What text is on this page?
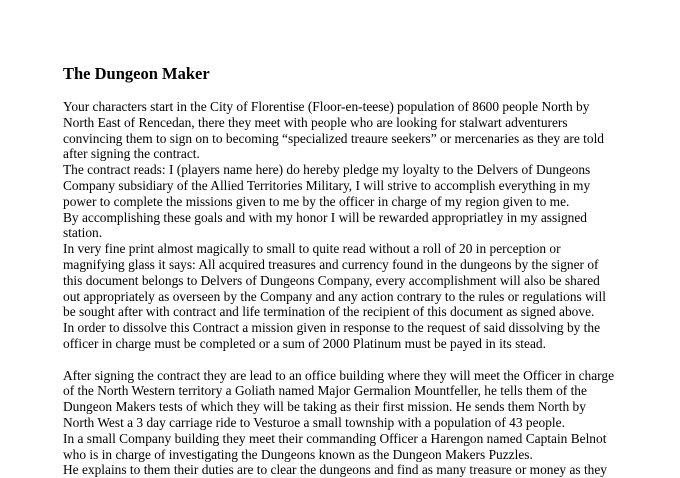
The Dungeon Maker
Your characters start in the City of Florentise (Floor-en-teese) population of 8600 people North by
North East of Rencedan, there they meet with people who are looking for stalwart adventurers
convincing them to sign on to becoming “specialized treaure seekers” or mercenaries as they are told
after signing the contract.
The contract reads: I (players name here) do hereby pledge my loyalty to the Delvers of Dungeons
Company subsidiary of the Allied Territories Military, I will strive to accomplish everything in my
power to complete the missions given to me by the officer in charge of my region given to me.
By accomplishing these goals and with my honor I will be rewarded appropriatley in my assigned
station.
In very fine print almost magically to small to quite read without a roll of 20 in perception or
magnifying glass it says: All acquired treasures and currency found in the dungeons by the signer of
this document belongs to Delvers of Dungeons Company, every accomplishment will also be shared
out appropriately as overseen by the Company and any action contrary to the rules or regulations will
be sought after with contract and life termination of the recipient of this document as signed above.
In order to dissolve this Contract a mission given in response to the request of said dissolving by the
officer in charge must be completed or a sum of 2000 Platinum must be payed in its stead.
After signing the contract they are lead to an office building where they will meet the Officer in charge
of the North Western territory a Goliath named Major Germalion Mountfeller, he tells them of the
Dungeon Makers tests of which they will be taking as their first mission. He sends them North by
North West a 3 day carriage ride to Vesturoe a small township with a population of 43 people.
In a small Company building they meet their commanding Officer a Harengon named Captain Belnot
who is in charge of investigating the Dungeons known as the Dungeon Makers Puzzles.
He explains to them their duties are to clear the dungeons and find as many treasure or money as they
